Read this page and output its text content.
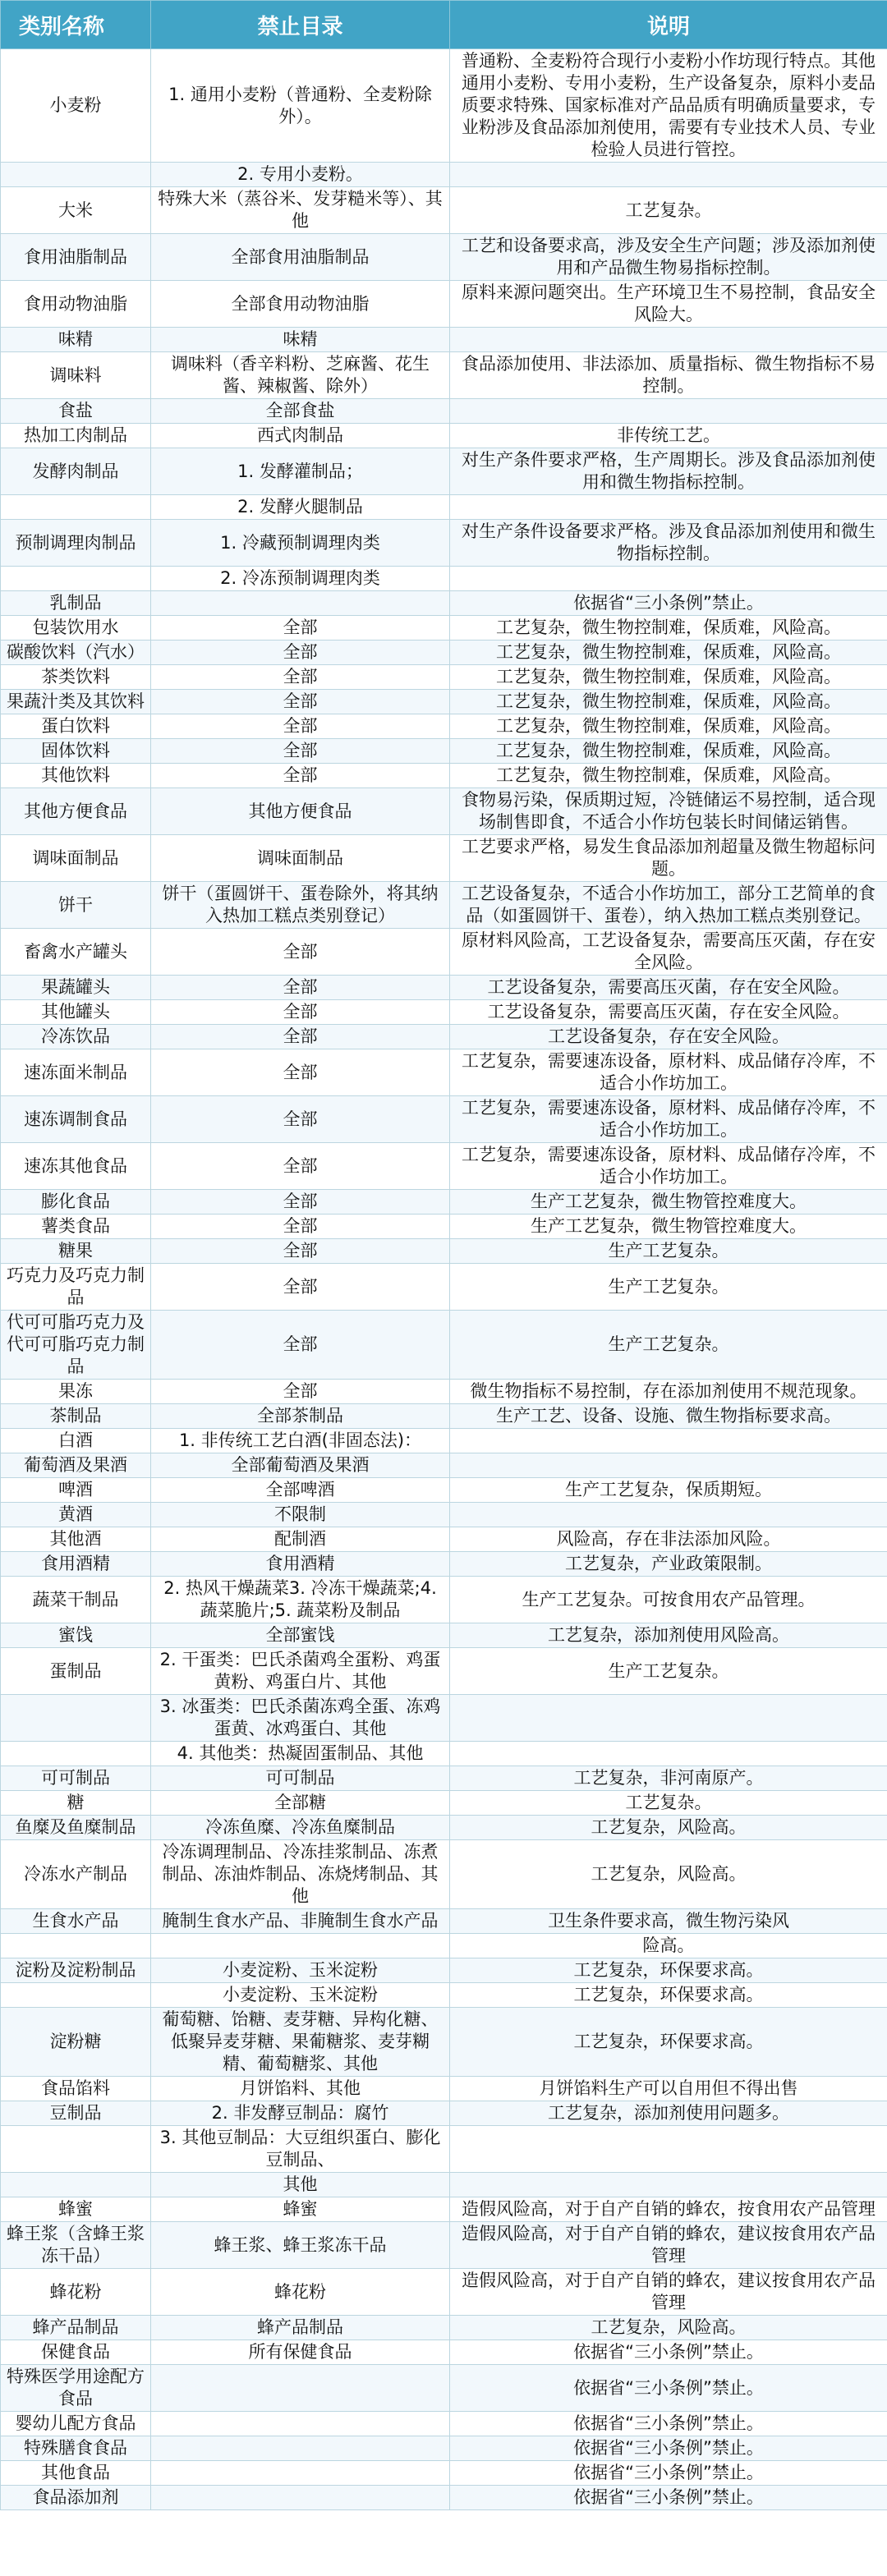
类别名称	禁止目录	说明
小麦粉	1. 通用小麦粉（普通粉、全麦粉除外）。	普通粉、全麦粉符合现行小麦粉小作坊现行特点。其他通用小麦粉、专用小麦粉，生产设备复杂，原料小麦品质要求特殊、国家标准对产品品质有明确质量要求，专业粉涉及食品添加剂使用，需要有专业技术人员、专业检验人员进行管控。
	2. 专用小麦粉。	
大米	特殊大米（蒸谷米、发芽糙米等）、其他	工艺复杂。
食用油脂制品	全部食用油脂制品	工艺和设备要求高，涉及安全生产问题；涉及添加剂使用和产品微生物易指标控制。
食用动物油脂	全部食用动物油脂	原料来源问题突出。生产环境卫生不易控制，食品安全风险大。
味精	味精	
调味料	调味料（香辛料粉、芝麻酱、花生酱、辣椒酱、除外）	食品添加使用、非法添加、质量指标、微生物指标不易控制。
食盐	全部食盐	
热加工肉制品	西式肉制品	非传统工艺。
发酵肉制品	1. 发酵灌制品；	对生产条件要求严格，生产周期长。涉及食品添加剂使用和微生物指标控制。
	2. 发酵火腿制品	
预制调理肉制品	1. 冷藏预制调理肉类	对生产条件设备要求严格。涉及食品添加剂使用和微生物指标控制。
	2. 冷冻预制调理肉类	
乳制品		依据省“三小条例”禁止。
包装饮用水	全部	工艺复杂，微生物控制难，保质难，风险高。
碳酸饮料（汽水）	全部	工艺复杂，微生物控制难，保质难，风险高。
茶类饮料	全部	工艺复杂，微生物控制难，保质难，风险高。
果蔬汁类及其饮料	全部	工艺复杂，微生物控制难，保质难，风险高。
蛋白饮料	全部	工艺复杂，微生物控制难，保质难，风险高。
固体饮料	全部	工艺复杂，微生物控制难，保质难，风险高。
其他饮料	全部	工艺复杂，微生物控制难，保质难，风险高。
其他方便食品	其他方便食品	食物易污染，保质期过短，冷链储运不易控制，适合现场制售即食，不适合小作坊包装长时间储运销售。
调味面制品	调味面制品	工艺要求严格，易发生食品添加剂超量及微生物超标问题。
饼干	饼干（蛋圆饼干、蛋卷除外，将其纳入热加工糕点类别登记）	工艺设备复杂，不适合小作坊加工，部分工艺简单的食品（如蛋圆饼干、蛋卷），纳入热加工糕点类别登记。
畜禽水产罐头	全部	原材料风险高，工艺设备复杂，需要高压灭菌，存在安全风险。
果蔬罐头	全部	工艺设备复杂，需要高压灭菌，存在安全风险。
其他罐头	全部	工艺设备复杂，需要高压灭菌，存在安全风险。
冷冻饮品	全部	工艺设备复杂，存在安全风险。
速冻面米制品	全部	工艺复杂，需要速冻设备，原材料、成品储存冷库，不适合小作坊加工。
速冻调制食品	全部	工艺复杂，需要速冻设备，原材料、成品储存冷库，不适合小作坊加工。
速冻其他食品	全部	工艺复杂，需要速冻设备，原材料、成品储存冷库，不适合小作坊加工。
膨化食品	全部	生产工艺复杂，微生物管控难度大。
薯类食品	全部	生产工艺复杂，微生物管控难度大。
糖果	全部	生产工艺复杂。
巧克力及巧克力制品	全部	生产工艺复杂。
代可可脂巧克力及代可可脂巧克力制品	全部	生产工艺复杂。
果冻	全部	微生物指标不易控制，存在添加剂使用不规范现象。
茶制品	全部茶制品	生产工艺、设备、设施、微生物指标要求高。
白酒	1. 非传统工艺白酒(非固态法)：	
葡萄酒及果酒	全部葡萄酒及果酒	
啤酒	全部啤酒	生产工艺复杂，保质期短。
黄酒	不限制	
其他酒	配制酒	风险高，存在非法添加风险。
食用酒精	食用酒精	工艺复杂，产业政策限制。
蔬菜干制品	2. 热风干燥蔬菜3. 冷冻干燥蔬菜;4. 蔬菜脆片;5. 蔬菜粉及制品	生产工艺复杂。可按食用农产品管理。
蜜饯	全部蜜饯	工艺复杂，添加剂使用风险高。
蛋制品	2. 干蛋类：巴氏杀菌鸡全蛋粉、鸡蛋黄粉、鸡蛋白片、其他	生产工艺复杂。
	3. 冰蛋类：巴氏杀菌冻鸡全蛋、冻鸡蛋黄、冰鸡蛋白、其他	
	4. 其他类：热凝固蛋制品、其他	
可可制品	可可制品	工艺复杂，非河南原产。
糖	全部糖	工艺复杂。
鱼糜及鱼糜制品	冷冻鱼糜、冷冻鱼糜制品	工艺复杂，风险高。
冷冻水产制品	冷冻调理制品、冷冻挂浆制品、冻煮制品、冻油炸制品、冻烧烤制品、其他	工艺复杂，风险高。
生食水产品	腌制生食水产品、非腌制生食水产品	卫生条件要求高，微生物污染风
		险高。
淀粉及淀粉制品	小麦淀粉、玉米淀粉	工艺复杂，环保要求高。
	小麦淀粉、玉米淀粉	工艺复杂，环保要求高。
淀粉糖	葡萄糖、饴糖、麦芽糖、异构化糖、低聚异麦芽糖、果葡糖浆、麦芽糊精、葡萄糖浆、其他	工艺复杂，环保要求高。
食品馅料	月饼馅料、其他	月饼馅料生产可以自用但不得出售
豆制品	2. 非发酵豆制品：腐竹	工艺复杂，添加剂使用问题多。
	3. 其他豆制品：大豆组织蛋白、膨化豆制品、	
	其他	
蜂蜜	蜂蜜	造假风险高，对于自产自销的蜂农，按食用农产品管理
蜂王浆（含蜂王浆冻干品）	蜂王浆、蜂王浆冻干品	造假风险高，对于自产自销的蜂农，建议按食用农产品管理
蜂花粉	蜂花粉	造假风险高，对于自产自销的蜂农，建议按食用农产品管理
蜂产品制品	蜂产品制品	工艺复杂，风险高。
保健食品	所有保健食品	依据省“三小条例”禁止。
特殊医学用途配方食品		依据省“三小条例”禁止。
婴幼儿配方食品		依据省“三小条例”禁止。
特殊膳食食品		依据省“三小条例”禁止。
其他食品		依据省“三小条例”禁止。
食品添加剂		依据省“三小条例”禁止。
